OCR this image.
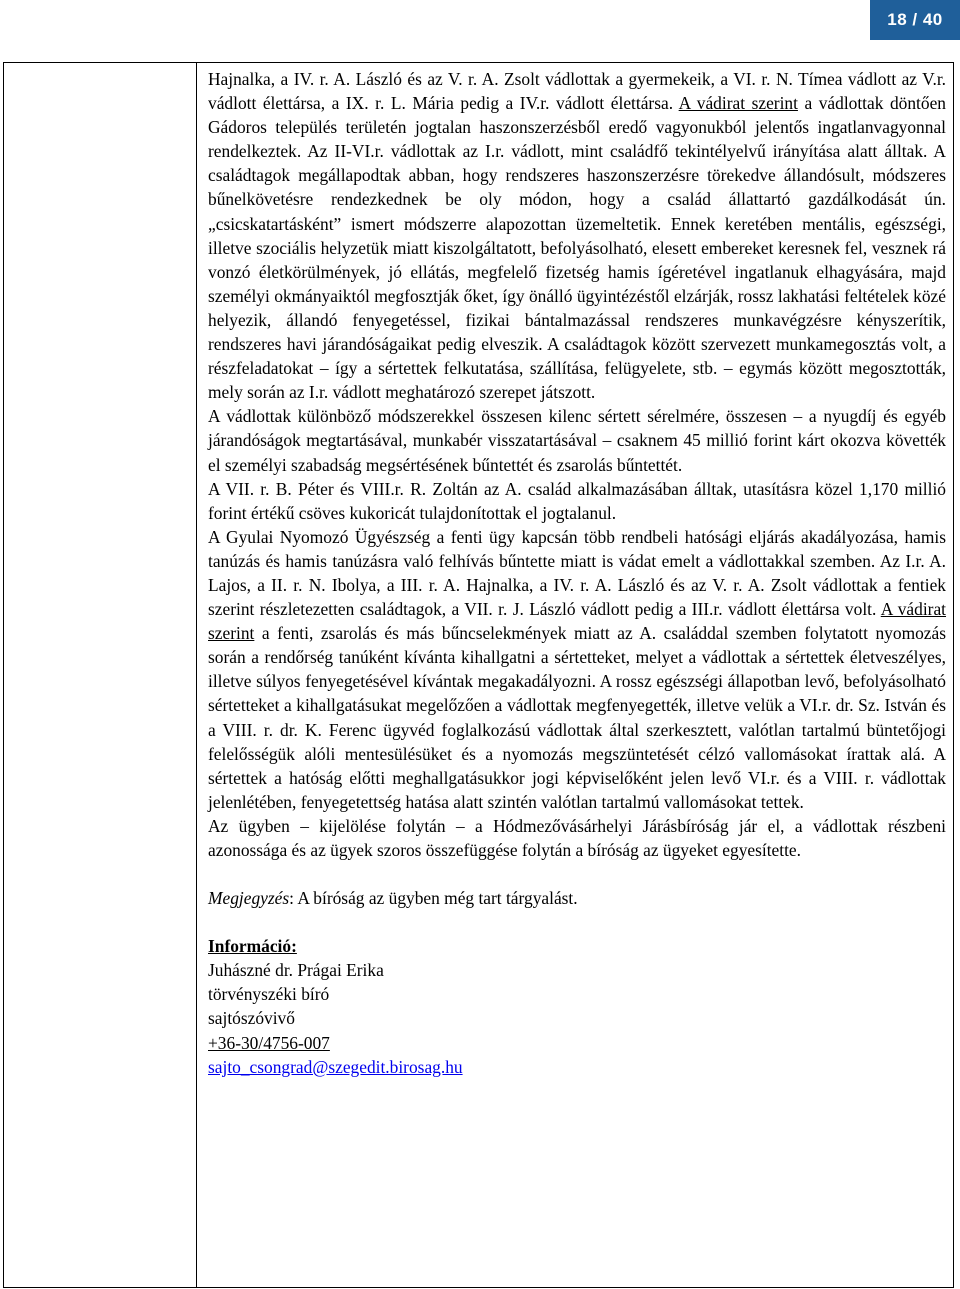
18 / 40

Hajnalka, a IV. r. A. László és az V. r. A. Zsolt vádlottak a gyermekeik, a VI. r. N. Tímea vádlott az V.r. vádlott élettársa, a IX. r. L. Mária pedig a IV.r. vádlott élettársa. A vádirat szerint a vádlottak döntően Gádoros település területén jogtalan haszonszerzésből eredő vagyonukból jelentős ingatlanvagyonnal rendelkeztek. Az II-VI.r. vádlottak az I.r. vádlott, mint családfő tekintélyelvű irányítása alatt álltak. A családtagok megállapodtak abban, hogy rendszeres haszonszerzésre törekedve állandósult, módszeres bűnelkövetésre rendezkednek be oly módon, hogy a család állattartó gazdálkodását ún. „csicskatartásként” ismert módszerre alapozottan üzemeltetik. Ennek keretében mentális, egészségi, illetve szociális helyzetük miatt kiszolgáltatott, befolyásolható, elesett embereket keresnek fel, vesznek rá vonzó életkörülmények, jó ellátás, megfelelő fizetség hamis ígéretével ingatlanuk elhagyására, majd személyi okmányaiktól megfosztják őket, így önálló ügyintézéstől elzárják, rossz lakhatási feltételek közé helyezik, állandó fenyegetéssel, fizikai bántalmazással rendszeres munkavégzésre kényszerítik, rendszeres havi járandóságaikat pedig elveszik. A családtagok között szervezett munkamegosztás volt, a részfeladatokat – így a sértettek felkutatása, szállítása, felügyelete, stb. – egymás között megosztották, mely során az I.r. vádlott meghatározó szerepet játszott.

A vádlottak különböző módszerekkel összesen kilenc sértett sérelmére, összesen – a nyugdíj és egyéb járandóságok megtartásával, munkabér visszatartásával – csaknem 45 millió forint kárt okozva követték el személyi szabadság megsértésének bűntettét és zsarolás bűntettét.

A VII. r. B. Péter és VIII.r. R. Zoltán az A. család alkalmazásában álltak, utasításra közel 1,170 millió forint értékű csöves kukoricát tulajdonítottak el jogtalanul.

A Gyulai Nyomozó Ügyészség a fenti ügy kapcsán több rendbeli hatósági eljárás akadályozása, hamis tanúzás és hamis tanúzásra való felhívás bűntette miatt is vádat emelt a vádlottakkal szemben. Az I.r. A. Lajos, a II. r. N. Ibolya, a III. r. A. Hajnalka, a IV. r. A. László és az V. r. A. Zsolt vádlottak a fentiek szerint részletezetten családtagok, a VII. r. J. László vádlott pedig a III.r. vádlott élettársa volt. A vádirat szerint a fenti, zsarolás és más bűncselekmények miatt az A. családdal szemben folytatott nyomozás során a rendőrség tanúként kívánta kihallgatni a sértetteket, melyet a vádlottak a sértettek életveszélyes, illetve súlyos fenyegetésével kívántak megakadályozni. A rossz egészségi állapotban levő, befolyásolható sértetteket a kihallgatásukat megelőzően a vádlottak megfenyegették, illetve velük a VI.r. dr. Sz. István és a VIII. r. dr. K. Ferenc ügyvéd foglalkozású vádlottak által szerkesztett, valótlan tartalmú büntetőjogi felelősségük alóli mentesülésüket és a nyomozás megszüntetését célzó vallomásokat írattak alá. A sértettek a hatóság előtti meghallgatásukkor jogi képviselőként jelen levő VI.r. és a VIII. r. vádlottak jelenlétében, fenyegetettség hatása alatt szintén valótlan tartalmú vallomásokat tettek.

Az ügyben – kijelölése folytán – a Hódmezővásárhelyi Járásbíróság jár el, a vádlottak részbeni azonossága és az ügyek szoros összefüggése folytán a bíróság az ügyeket egyesítette.

Megjegyzés: A bíróság az ügyben még tart tárgyalást.

Információ:
Juhászné dr. Prágai Erika
törvényszéki bíró
sajtószóvivő
+36-30/4756-007
sajto_csongrad@szegedit.birosag.hu
